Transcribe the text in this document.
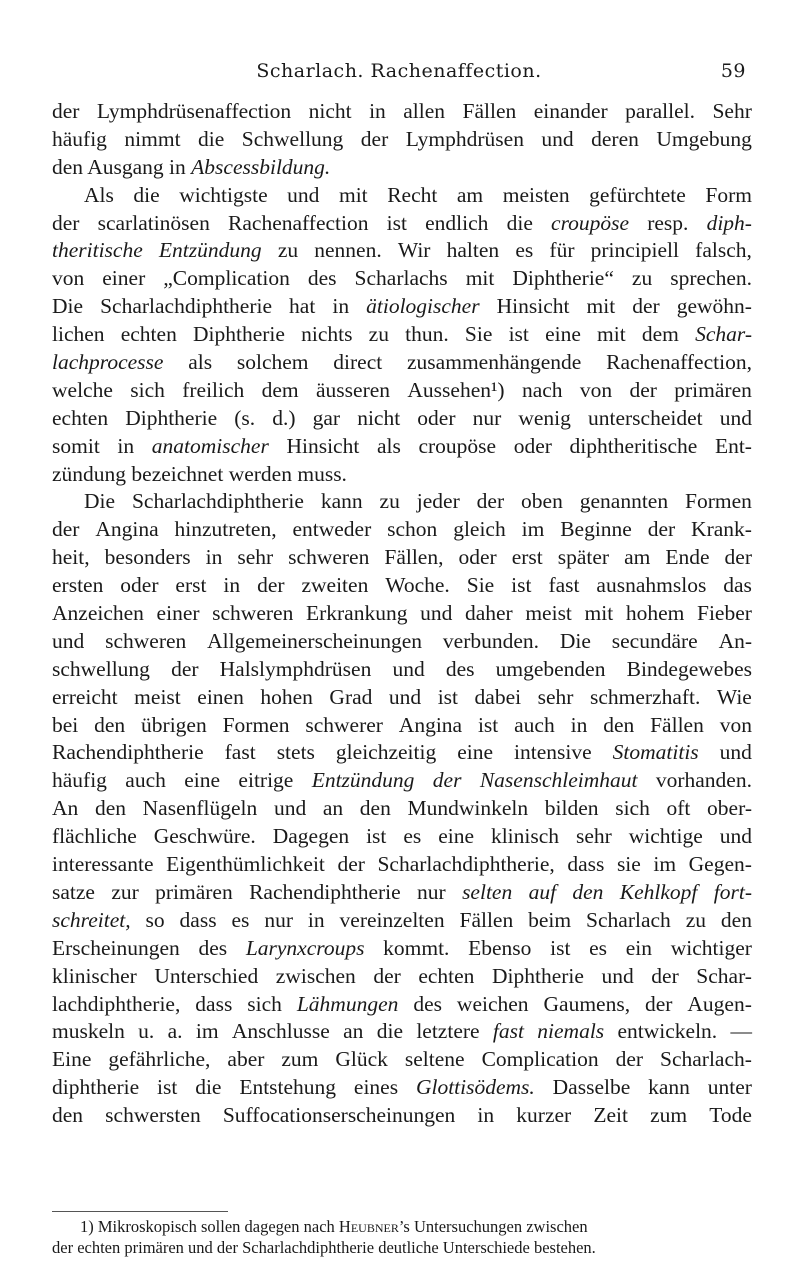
Scharlach. Rachenaffection.	59
der Lymphdrüsenaffection nicht in allen Fällen einander parallel. Sehr
häufig nimmt die Schwellung der Lymphdrüsen und deren Umgebung
den Ausgang in Abscessbildung.
Als die wichtigste und mit Recht am meisten gefürchtete Form
der scarlatinösen Rachenaffection ist endlich die croupöse resp. diph-
theritische Entzündung zu nennen. Wir halten es für principiell falsch,
von einer „Complication des Scharlachs mit Diphtherie“ zu sprechen.
Die Scharlachdiphtherie hat in ätiologischer Hinsicht mit der gewöhn-
lichen echten Diphtherie nichts zu thun. Sie ist eine mit dem Schar-
lachprocesse als solchem direct zusammenhängende Rachenaffection,
welche sich freilich dem äusseren Aussehen¹) nach von der primären
echten Diphtherie (s. d.) gar nicht oder nur wenig unterscheidet und
somit in anatomischer Hinsicht als croupöse oder diphtheritische Ent-
zündung bezeichnet werden muss.
Die Scharlachdiphtherie kann zu jeder der oben genannten Formen
der Angina hinzutreten, entweder schon gleich im Beginne der Krank-
heit, besonders in sehr schweren Fällen, oder erst später am Ende der
ersten oder erst in der zweiten Woche. Sie ist fast ausnahmslos das
Anzeichen einer schweren Erkrankung und daher meist mit hohem Fieber
und schweren Allgemeinerscheinungen verbunden. Die secundäre An-
schwellung der Halslymphdrüsen und des umgebenden Bindegewebes
erreicht meist einen hohen Grad und ist dabei sehr schmerzhaft. Wie
bei den übrigen Formen schwerer Angina ist auch in den Fällen von
Rachendiphtherie fast stets gleichzeitig eine intensive Stomatitis und
häufig auch eine eitrige Entzündung der Nasenschleimhaut vorhanden.
An den Nasenflügeln und an den Mundwinkeln bilden sich oft ober-
flächliche Geschwüre. Dagegen ist es eine klinisch sehr wichtige und
interessante Eigenthümlichkeit der Scharlachdiphtherie, dass sie im Gegen-
satze zur primären Rachendiphtherie nur selten auf den Kehlkopf fort-
schreitet, so dass es nur in vereinzelten Fällen beim Scharlach zu den
Erscheinungen des Larynxcroups kommt. Ebenso ist es ein wichtiger
klinischer Unterschied zwischen der echten Diphtherie und der Schar-
lachdiphtherie, dass sich Lähmungen des weichen Gaumens, der Augen-
muskeln u. a. im Anschlusse an die letztere fast niemals entwickeln. —
Eine gefährliche, aber zum Glück seltene Complication der Scharlach-
diphtherie ist die Entstehung eines Glottisödems. Dasselbe kann unter
den schwersten Suffocationserscheinungen in kurzer Zeit zum Tode
1) Mikroskopisch sollen dagegen nach Heubner’s Untersuchungen zwischen
der echten primären und der Scharlachdiphtherie deutliche Unterschiede bestehen.
